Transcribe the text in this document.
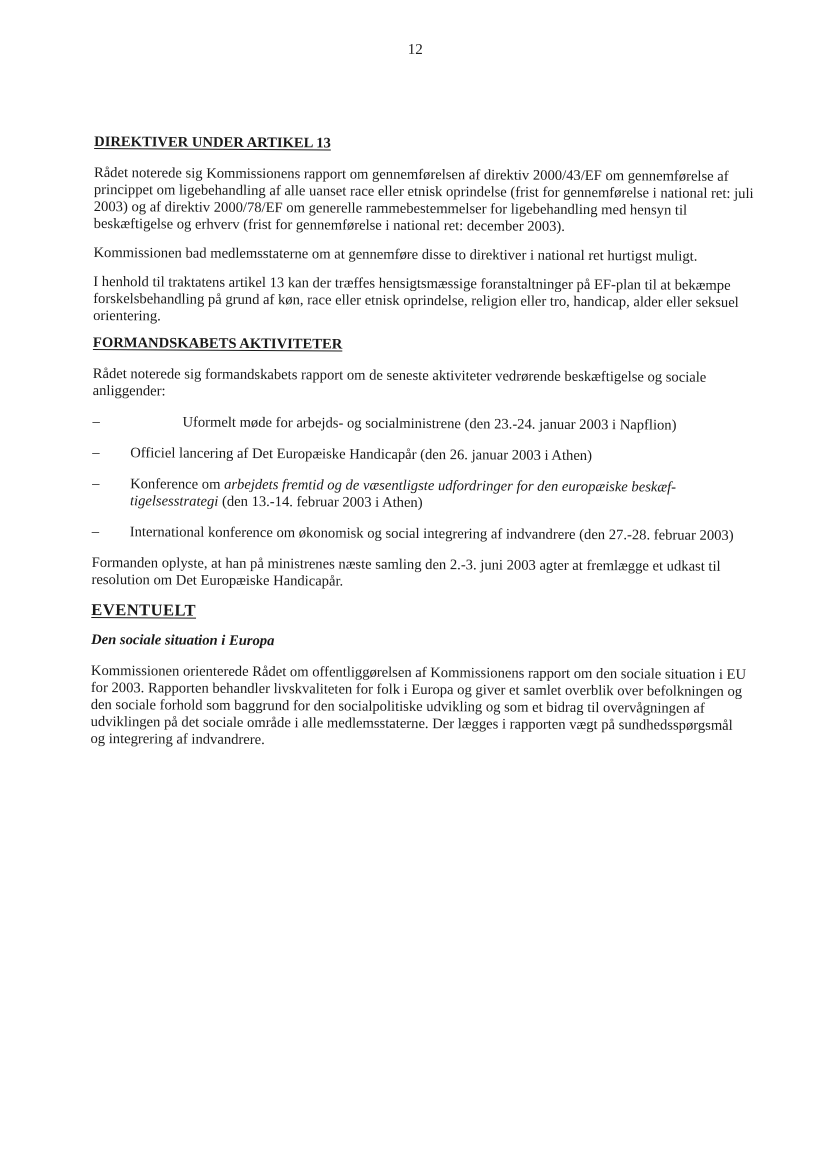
12
DIREKTIVER UNDER ARTIKEL 13

Rådet noterede sig Kommissionens rapport om gennemførelsen af direktiv 2000/43/EF om gennemførelse af princippet om ligebehandling af alle uanset race eller etnisk oprindelse (frist for gennemførelse i national ret: juli 2003) og af direktiv 2000/78/EF om generelle rammebestemmelser for ligebehandling med hensyn til beskæftigelse og erhverv (frist for gennemførelse i national ret: december 2003).

Kommissionen bad medlemsstaterne om at gennemføre disse to direktiver i national ret hurtigst muligt.

I henhold til traktatens artikel 13 kan der træffes hensigtsmæssige foranstaltninger på EF-plan til at bekæmpe forskelsbehandling på grund af køn, race eller etnisk oprindelse, religion eller tro, handicap, alder eller seksuel orientering.

FORMANDSKABETS AKTIVITETER

Rådet noterede sig formandskabets rapport om de seneste aktiviteter vedrørende beskæftigelse og sociale anliggender:

–	Uformelt møde for arbejds- og socialministrene (den 23.-24. januar 2003 i Napflion)
– Officiel lancering af Det Europæiske Handicapår (den 26. januar 2003 i Athen)
– Konference om arbejdets fremtid og de væsentligste udfordringer for den europæiske beskæf-tigelsesstrategi (den 13.-14. februar 2003 i Athen)
– International konference om økonomisk og social integrering af indvandrere (den 27.-28. februar 2003)

Formanden oplyste, at han på ministrenes næste samling den 2.-3. juni 2003 agter at fremlægge et udkast til resolution om Det Europæiske Handicapår.

EVENTUELT
Den sociale situation i Europa

Kommissionen orienterede Rådet om offentliggørelsen af Kommissionens rapport om den sociale situation i EU for 2003. Rapporten behandler livskvaliteten for folk i Europa og giver et samlet overblik over befolkningen og den sociale forhold som baggrund for den socialpolitiske udvikling og som et bidrag til overvågningen af udviklingen på det sociale område i alle medlemsstaterne. Der lægges i rapporten vægt på sundhedsspørgsmål og integrering af indvandrere.
